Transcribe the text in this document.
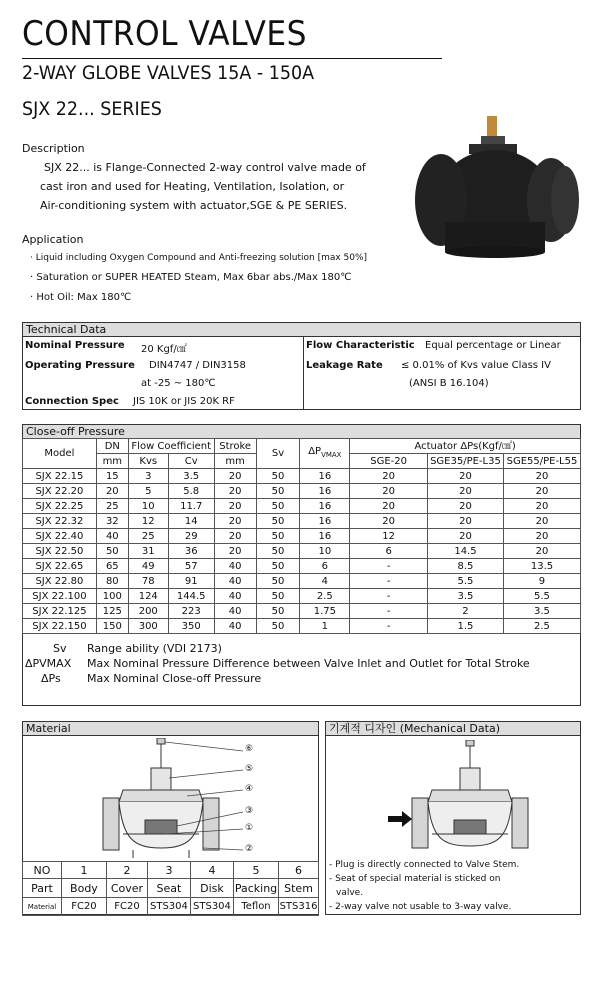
CONTROL VALVES
2-WAY GLOBE VALVES 15A - 150A
SJX 22... SERIES
Description
SJX 22... is Flange-Connected 2-way control valve made of
cast iron and used for Heating, Ventilation, Isolation, or
Air-conditioning system with actuator,SGE & PE SERIES.
Application
· Liquid including Oxygen Compound and Anti-freezing solution [max 50%]
· Saturation or SUPER HEATED Steam, Max 6bar abs./Max 180℃
· Hot Oil: Max 180℃
Technical Data
Nominal Pressure 20 Kgf/㎠
Operating Pressure DIN4747 / DIN3158
at -25 ~ 180℃
Connection Spec JIS 10K or JIS 20K RF
Flow Characteristic Equal percentage or Linear
Leakage Rate ≤ 0.01% of Kvs value Class IV
(ANSI B 16.104)
Close-off Pressure
Model	DN	Flow Coefficient		Stroke	Sv	$\Delta P_{VMAX}$	Actuator ΔPs(Kgf/㎠)		
	mm	Kvs	Cv	mm			SGE-20	SGE35/PE-L35	SGE55/PE-L55
SJX 22.15	15	3	3.5	20	50	16	20	20	20
SJX 22.20	20	5	5.8	20	50	16	20	20	20
SJX 22.25	25	10	11.7	20	50	16	20	20	20
SJX 22.32	32	12	14	20	50	16	20	20	20
SJX 22.40	40	25	29	20	50	16	12	20	20
SJX 22.50	50	31	36	20	50	10	6	14.5	20
SJX 22.65	65	49	57	40	50	6	-	8.5	13.5
SJX 22.80	80	78	91	40	50	4	-	5.5	9
SJX 22.100	100	124	144.5	40	50	2.5	-	3.5	5.5
SJX 22.125	125	200	223	40	50	1.75	-	2	3.5
SJX 22.150	150	300	350	40	50	1	-	1.5	2.5
Sv Range ability (VDI 2173)
ΔPVMAX Max Nominal Pressure Difference between Valve Inlet and Outlet for Total Stroke
ΔPs Max Nominal Close-off Pressure
Material
⑥
⑤
④
③
①
②
NO	1	2	3	4	5	6
Part	Body	Cover	Seat	Disk	Packing	Stem
Material	FC20	FC20	STS304	STS304	Teflon	STS316
기계적 디자인 (Mechanical Data)
- Plug is directly connected to Valve Stem.
- Seat of special material is sticked on
valve.
- 2-way valve not usable to 3-way valve.
